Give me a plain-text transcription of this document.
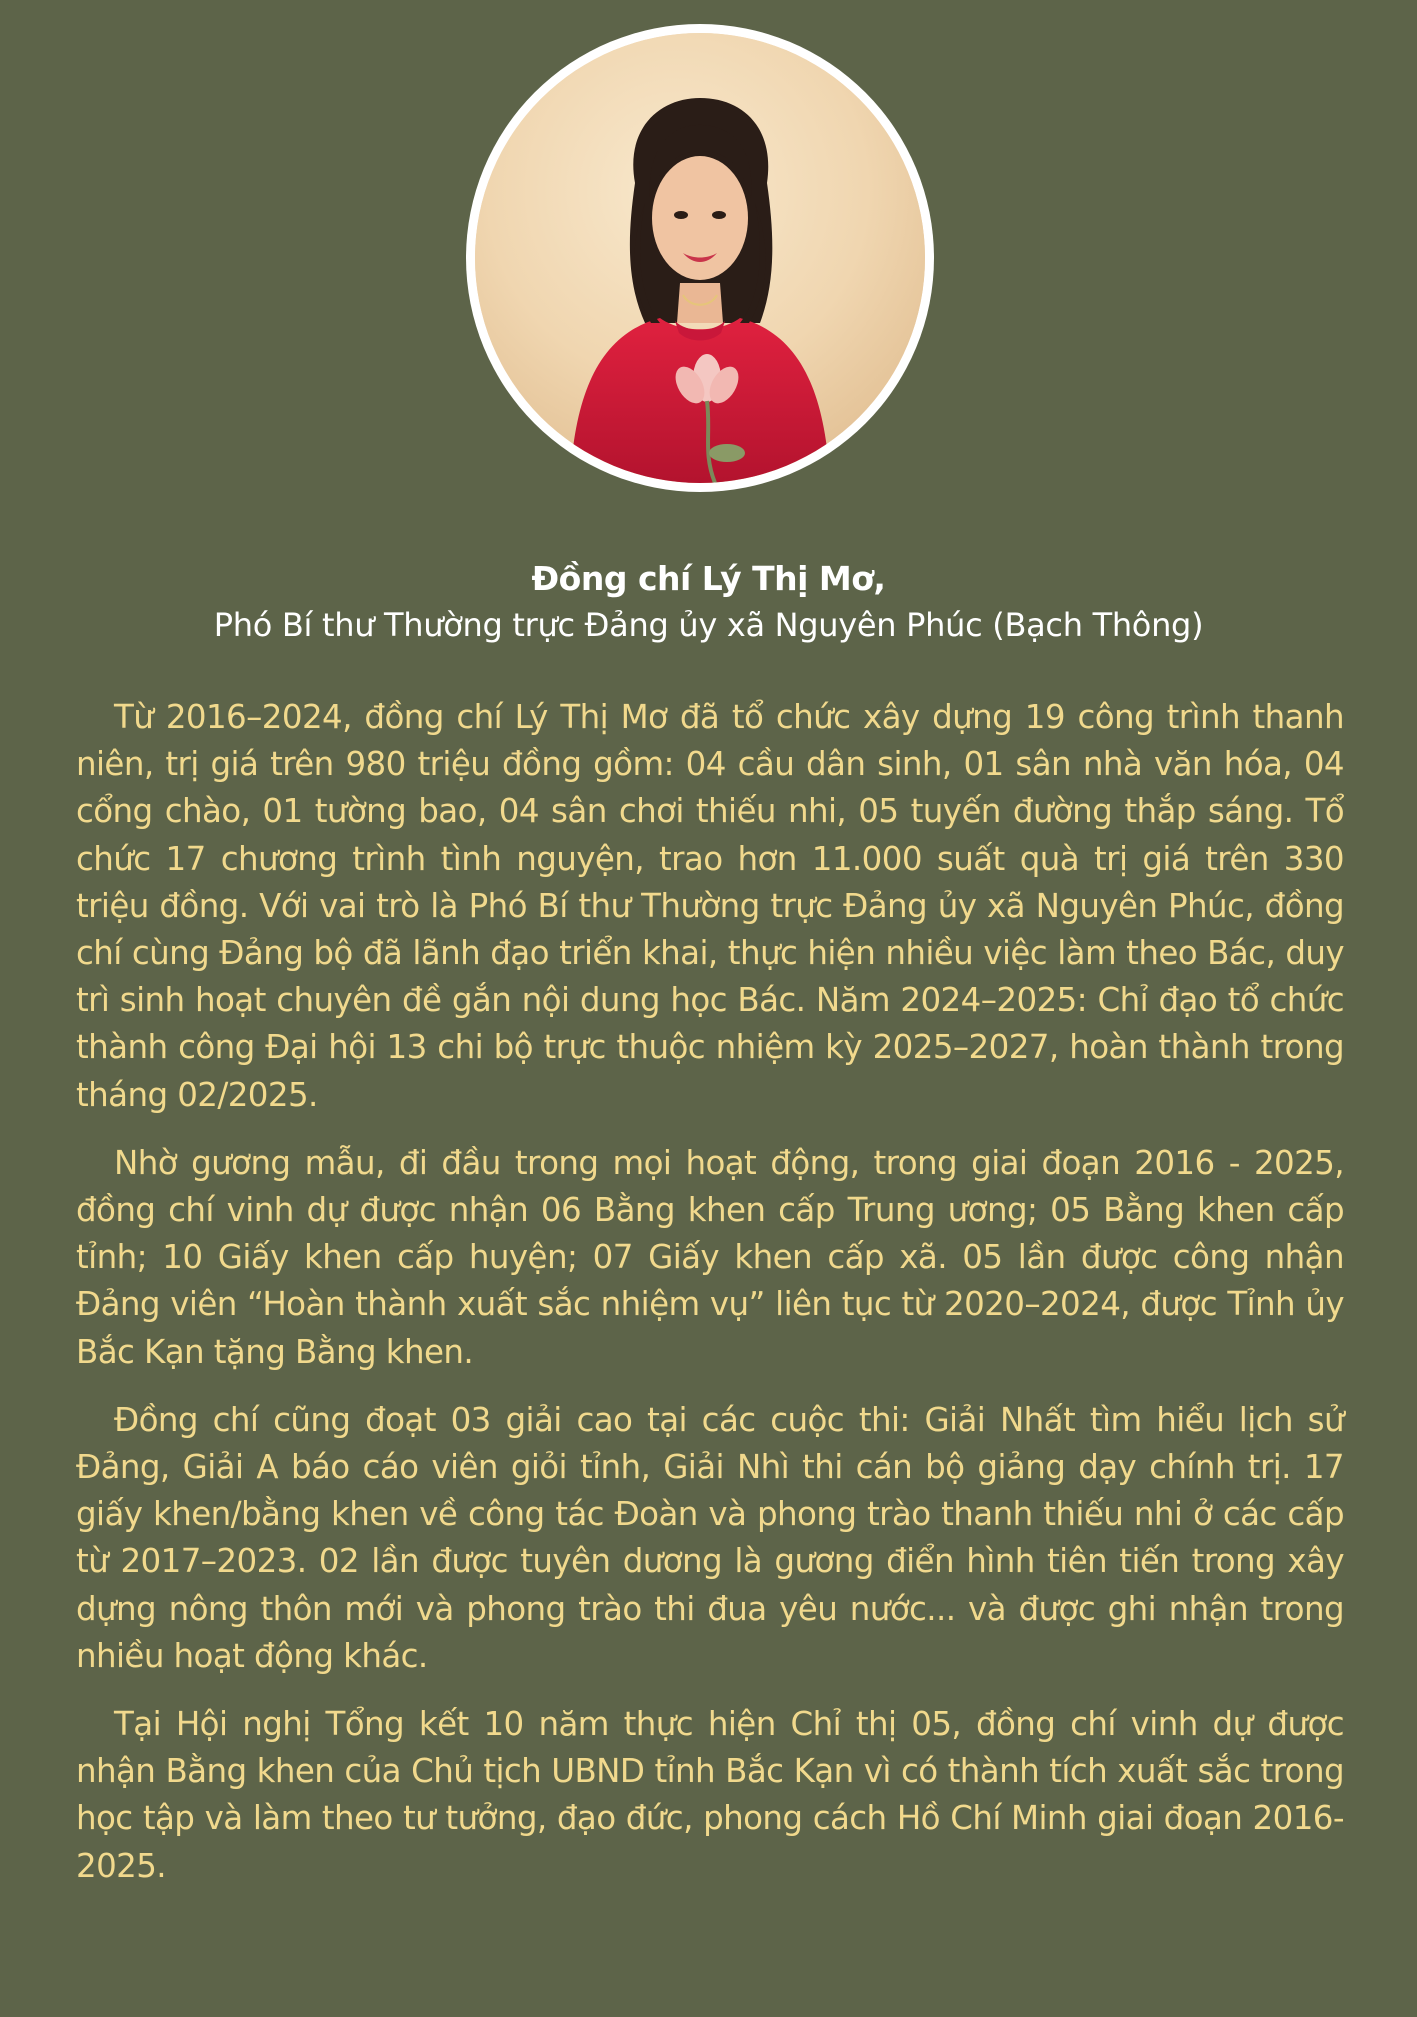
Đồng chí Lý Thị Mơ,
Phó Bí thư Thường trực Đảng ủy xã Nguyên Phúc (Bạch Thông)

Từ 2016–2024, đồng chí Lý Thị Mơ đã tổ chức xây dựng 19 công trình thanh niên, trị giá trên 980 triệu đồng gồm: 04 cầu dân sinh, 01 sân nhà văn hóa, 04 cổng chào, 01 tường bao, 04 sân chơi thiếu nhi, 05 tuyến đường thắp sáng. Tổ chức 17 chương trình tình nguyện, trao hơn 11.000 suất quà trị giá trên 330 triệu đồng. Với vai trò là Phó Bí thư Thường trực Đảng ủy xã Nguyên Phúc, đồng chí cùng Đảng bộ đã lãnh đạo triển khai, thực hiện nhiều việc làm theo Bác, duy trì sinh hoạt chuyên đề gắn nội dung học Bác. Năm 2024–2025: Chỉ đạo tổ chức thành công Đại hội 13 chi bộ trực thuộc nhiệm kỳ 2025–2027, hoàn thành trong tháng 02/2025.

Nhờ gương mẫu, đi đầu trong mọi hoạt động, trong giai đoạn 2016 - 2025, đồng chí vinh dự được nhận 06 Bằng khen cấp Trung ương; 05 Bằng khen cấp tỉnh; 10 Giấy khen cấp huyện; 07 Giấy khen cấp xã. 05 lần được công nhận Đảng viên “Hoàn thành xuất sắc nhiệm vụ” liên tục từ 2020–2024, được Tỉnh ủy Bắc Kạn tặng Bằng khen.

Đồng chí cũng đoạt 03 giải cao tại các cuộc thi: Giải Nhất tìm hiểu lịch sử Đảng, Giải A báo cáo viên giỏi tỉnh, Giải Nhì thi cán bộ giảng dạy chính trị. 17 giấy khen/bằng khen về công tác Đoàn và phong trào thanh thiếu nhi ở các cấp từ 2017–2023. 02 lần được tuyên dương là gương điển hình tiên tiến trong xây dựng nông thôn mới và phong trào thi đua yêu nước... và được ghi nhận trong nhiều hoạt động khác.

Tại Hội nghị Tổng kết 10 năm thực hiện Chỉ thị 05, đồng chí vinh dự được nhận Bằng khen của Chủ tịch UBND tỉnh Bắc Kạn vì có thành tích xuất sắc trong học tập và làm theo tư tưởng, đạo đức, phong cách Hồ Chí Minh giai đoạn 2016-2025.
